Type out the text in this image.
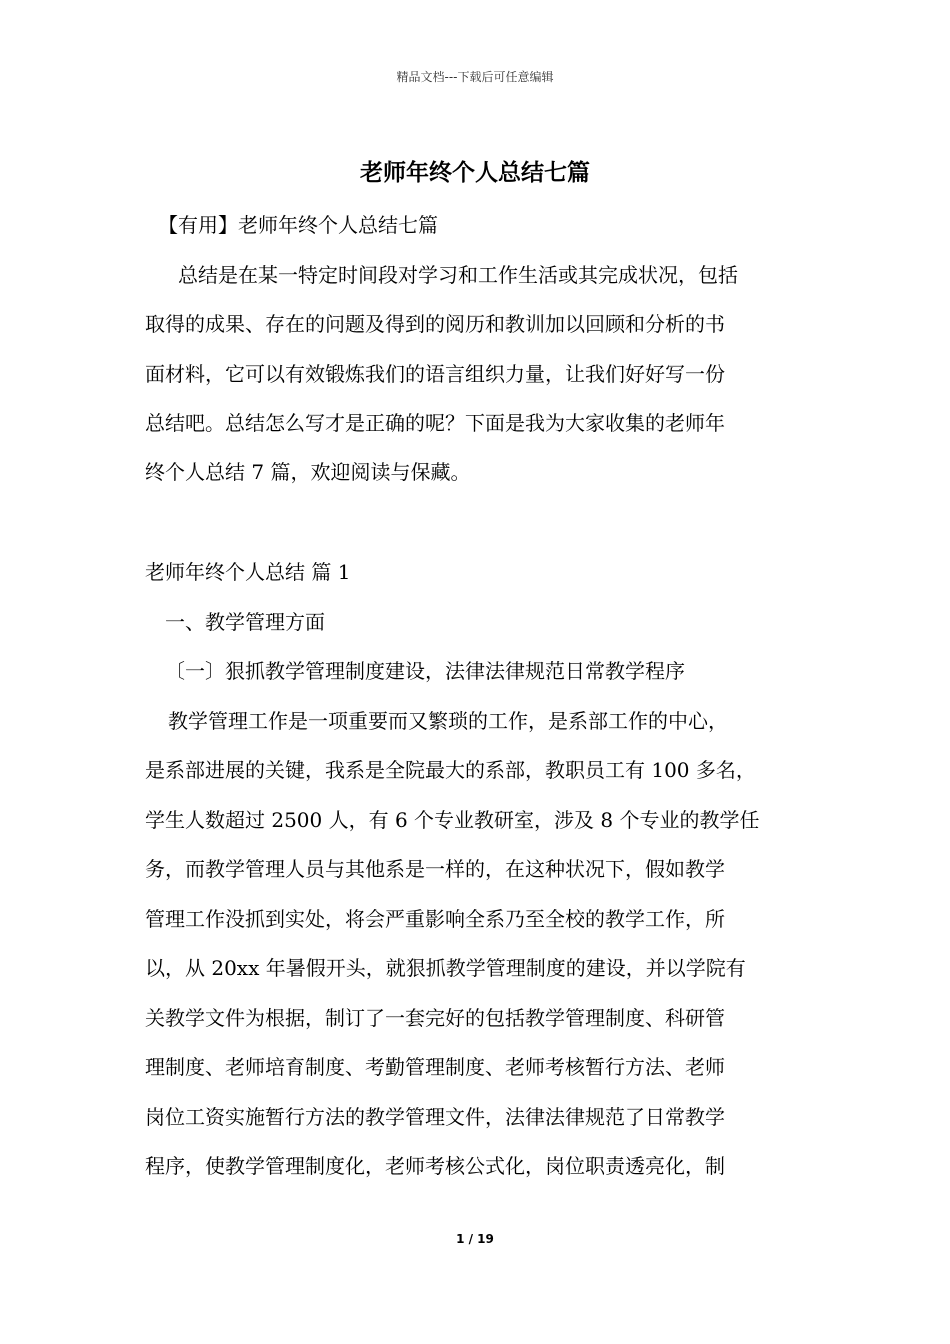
精品文档---下载后可任意编辑
老师年终个人总结七篇
【有用】老师年终个人总结七篇
总结是在某一特定时间段对学习和工作生活或其完成状况，包括
取得的成果、存在的问题及得到的阅历和教训加以回顾和分析的书
面材料，它可以有效锻炼我们的语言组织力量，让我们好好写一份
总结吧。总结怎么写才是正确的呢？下面是我为大家收集的老师年
终个人总结 7 篇，欢迎阅读与保藏。
老师年终个人总结 篇 1
一、教学管理方面
〔一〕狠抓教学管理制度建设，法律法律规范日常教学程序
教学管理工作是一项重要而又繁琐的工作，是系部工作的中心，
是系部进展的关键，我系是全院最大的系部，教职员工有 100 多名，
学生人数超过 2500 人，有 6 个专业教研室，涉及 8 个专业的教学任
务，而教学管理人员与其他系是一样的，在这种状况下，假如教学
管理工作没抓到实处，将会严重影响全系乃至全校的教学工作，所
以，从 20xx 年暑假开头，就狠抓教学管理制度的建设，并以学院有
关教学文件为根据，制订了一套完好的包括教学管理制度、科研管
理制度、老师培育制度、考勤管理制度、老师考核暂行方法、老师
岗位工资实施暂行方法的教学管理文件，法律法律规范了日常教学
程序，使教学管理制度化，老师考核公式化，岗位职责透亮化，制
1 / 19
